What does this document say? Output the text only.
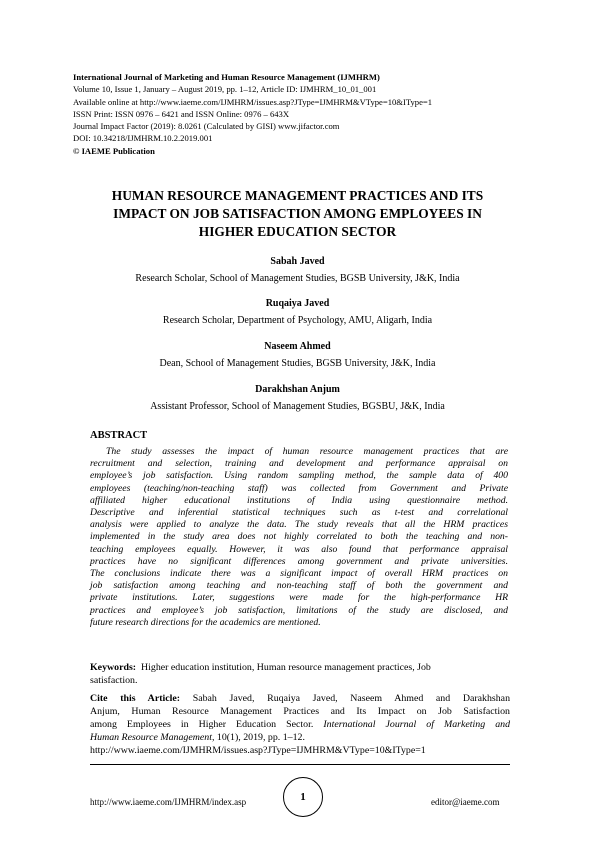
International Journal of Marketing and Human Resource Management (IJMHRM)
Volume 10, Issue 1, January – August 2019, pp. 1–12, Article ID: IJMHRM_10_01_001
Available online at http://www.iaeme.com/IJMHRM/issues.asp?JType=IJMHRM&VType=10&IType=1
ISSN Print: ISSN 0976 – 6421 and ISSN Online: 0976 – 643X
Journal Impact Factor (2019): 8.0261 (Calculated by GISI) www.jifactor.com
DOI: 10.34218/IJMHRM.10.2.2019.001
© IAEME Publication
HUMAN RESOURCE MANAGEMENT PRACTICES AND ITS
IMPACT ON JOB SATISFACTION AMONG EMPLOYEES IN
HIGHER EDUCATION SECTOR
Sabah Javed
Research Scholar, School of Management Studies, BGSB University, J&K, India
Ruqaiya Javed
Research Scholar, Department of Psychology, AMU, Aligarh, India
Naseem Ahmed
Dean, School of Management Studies, BGSB University, J&K, India
Darakhshan Anjum
Assistant Professor, School of Management Studies, BGSBU, J&K, India
ABSTRACT
The study assesses the impact of human resource management practices that are
recruitment and selection, training and development and performance appraisal on
employee’s job satisfaction. Using random sampling method, the sample data of 400
employees (teaching/non-teaching staff) was collected from Government and Private
affiliated higher educational institutions of India using questionnaire method.
Descriptive and inferential statistical techniques such as t-test and correlational
analysis were applied to analyze the data. The study reveals that all the HRM practices
implemented in the study area does not highly correlated to both the teaching and non-
teaching employees equally. However, it was also found that performance appraisal
practices have no significant differences among government and private universities.
The conclusions indicate there was a significant impact of overall HRM practices on
job satisfaction among teaching and non-teaching staff of both the government and
private institutions. Later, suggestions were made for the high-performance HR
practices and employee’s job satisfaction, limitations of the study are disclosed, and
future research directions for the academics are mentioned.
Keywords: Higher education institution, Human resource management practices, Job
satisfaction.
Cite this Article: Sabah Javed, Ruqaiya Javed, Naseem Ahmed and Darakhshan
Anjum, Human Resource Management Practices and Its Impact on Job Satisfaction
among Employees in Higher Education Sector. International Journal of Marketing and
Human Resource Management, 10(1), 2019, pp. 1–12.
http://www.iaeme.com/IJMHRM/issues.asp?JType=IJMHRM&VType=10&IType=1
http://www.iaeme.com/IJMHRM/index.asp	1	editor@iaeme.com
